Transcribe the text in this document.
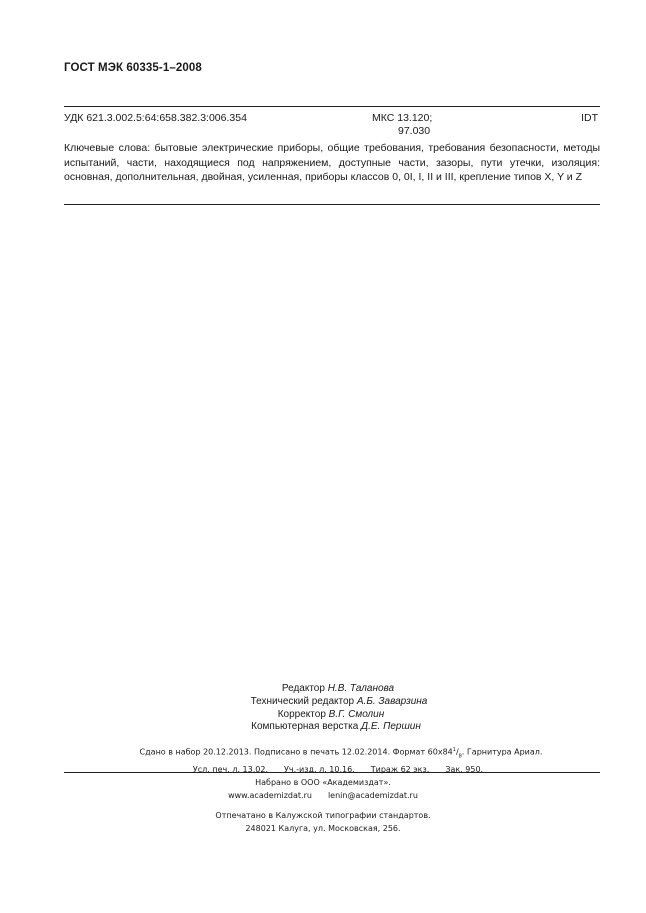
ГОСТ МЭК 60335-1–2008
УДК 621.3.002.5:64:658.382.3:006.354	МКС 13.120;
97.030
IDT
Ключевые слова: бытовые электрические приборы, общие требования, требования безопасности, методы испытаний, части, находящиеся под напряжением, доступные части, зазоры, пути утечки, изоляция: основная, дополнительная, двойная, усиленная, приборы классов 0, 0I, I, II и III, крепление типов X, Y и Z
Редактор Н.В. Таланова
Технический редактор А.Б. Заварзина
Корректор В.Г. Смолин
Компьютерная верстка Д.Е. Першин
Сдано в набор 20.12.2013. Подписано в печать 12.02.2014. Формат $60х84^1/_8$. Гарнитура Ариал.
Усл. печ. л. 13,02. Уч.-изд. л. 10,16. Тираж 62 экз. Зак. 950.
Набрано в ООО «Академиздат».
www.academizdat.ru lenin@academizdat.ru
Отпечатано в Калужской типографии стандартов.
248021 Калуга, ул. Московская, 256.
